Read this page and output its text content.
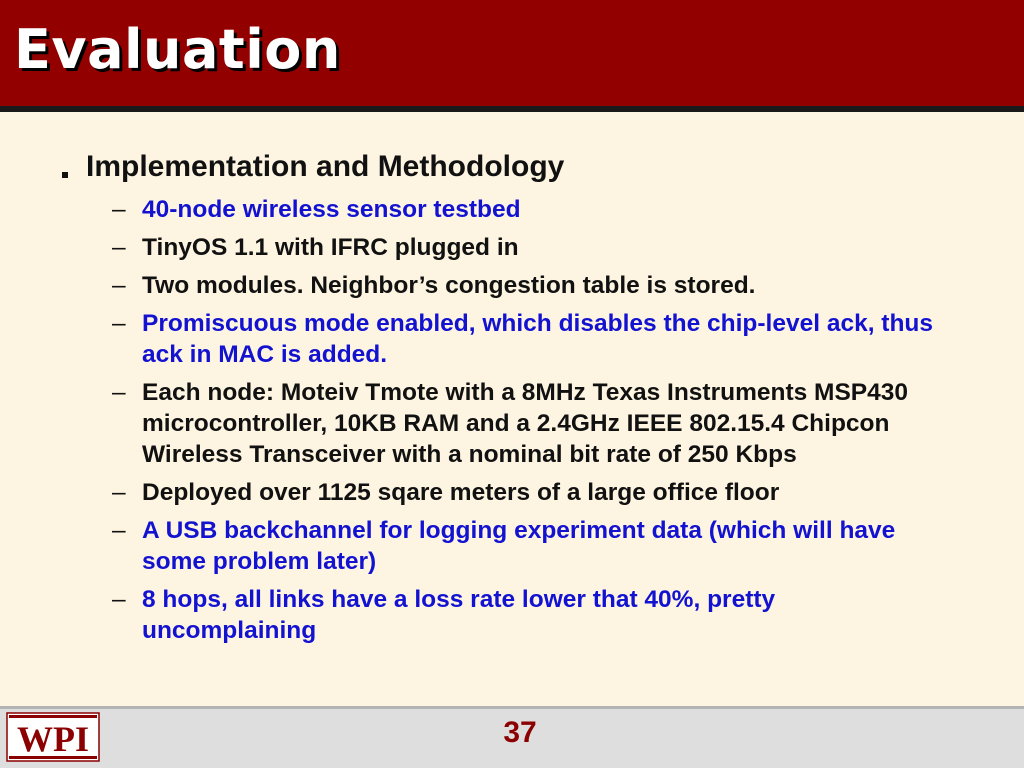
Evaluation
Implementation and Methodology
– 40-node wireless sensor testbed
– TinyOS 1.1 with IFRC plugged in
– Two modules. Neighbor’s congestion table is stored.
– Promiscuous mode enabled, which disables the chip-level ack, thus ack in MAC is added.
– Each node: Moteiv Tmote with a 8MHz Texas Instruments MSP430 microcontroller, 10KB RAM and a 2.4GHz IEEE 802.15.4 Chipcon Wireless Transceiver with a nominal bit rate of 250 Kbps
– Deployed over 1125 sqare meters of a large office floor
– A USB backchannel for logging experiment data (which will have some problem later)
– 8 hops, all links have a loss rate lower that 40%, pretty uncomplaining
WPI	37
